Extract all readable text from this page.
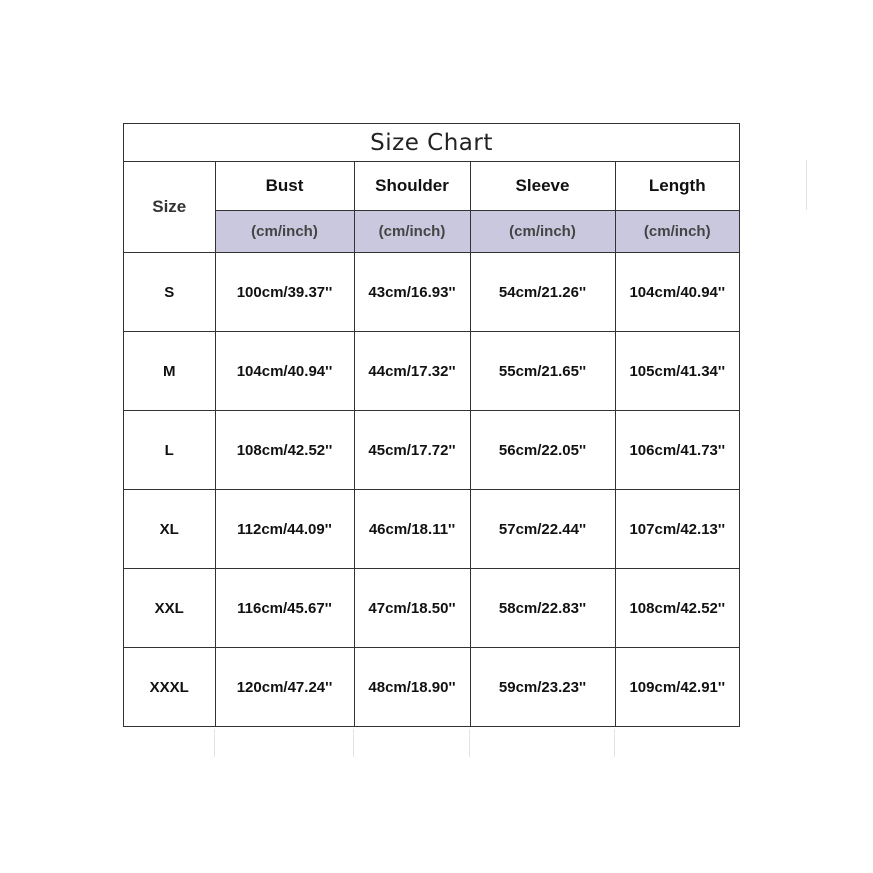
Size Chart
Size	Bust	Shoulder	Sleeve	Length
	(cm/inch)	(cm/inch)	(cm/inch)	(cm/inch)
S	100cm/39.37''	43cm/16.93''	54cm/21.26''	104cm/40.94''
M	104cm/40.94''	44cm/17.32''	55cm/21.65''	105cm/41.34''
L	108cm/42.52''	45cm/17.72''	56cm/22.05''	106cm/41.73''
XL	112cm/44.09''	46cm/18.11''	57cm/22.44''	107cm/42.13''
XXL	116cm/45.67''	47cm/18.50''	58cm/22.83''	108cm/42.52''
XXXL	120cm/47.24''	48cm/18.90''	59cm/23.23''	109cm/42.91''
